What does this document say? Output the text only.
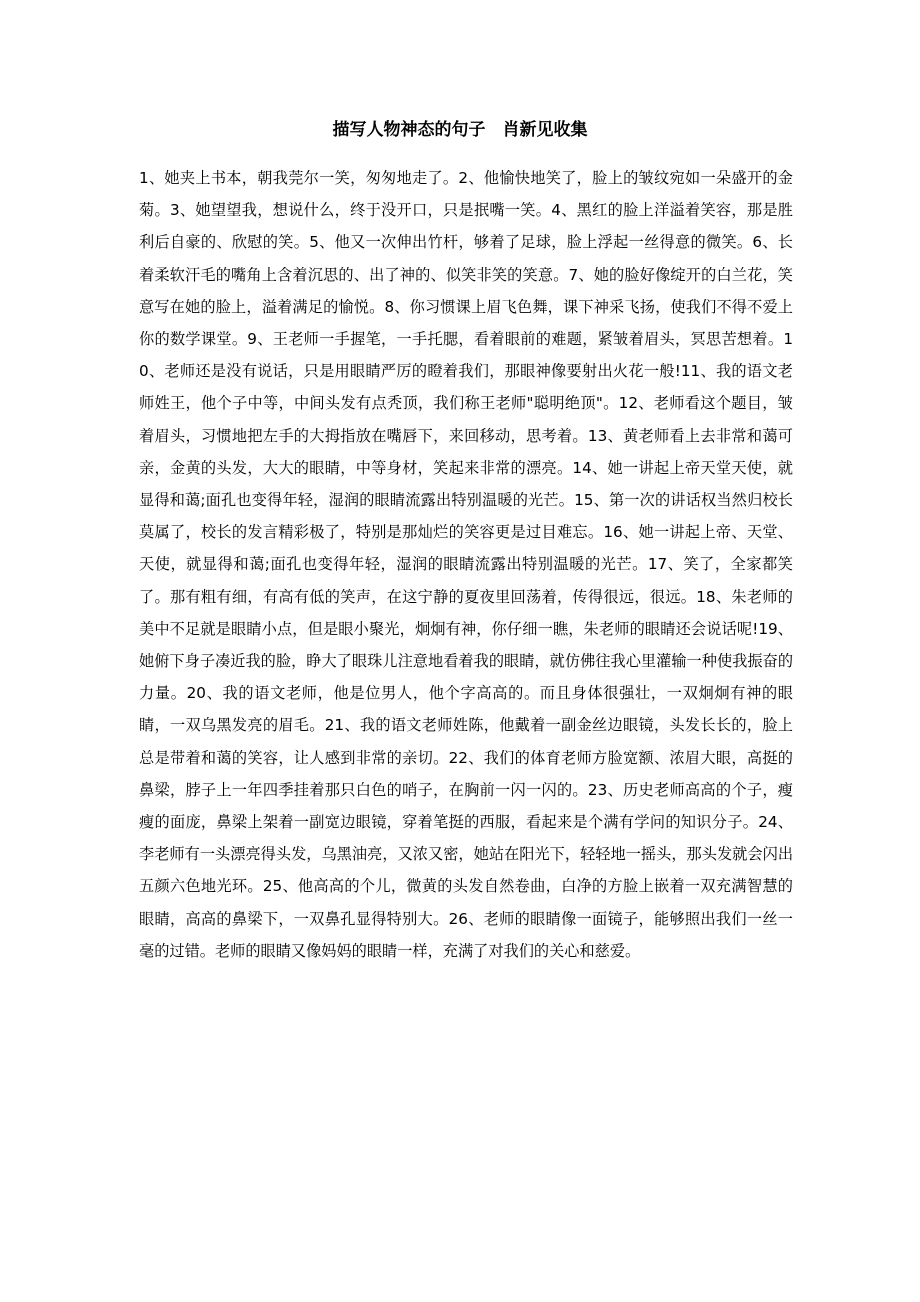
描写人物神态的句子　肖新见收集

1、她夹上书本，朝我莞尔一笑，匆匆地走了。2、他愉快地笑了，脸上的皱纹宛如一朵盛开的金菊。3、她望望我，想说什么，终于没开口，只是抿嘴一笑。4、黑红的脸上洋溢着笑容，那是胜利后自豪的、欣慰的笑。5、他又一次伸出竹杆，够着了足球，脸上浮起一丝得意的微笑。6、长着柔软汗毛的嘴角上含着沉思的、出了神的、似笑非笑的笑意。7、她的脸好像绽开的白兰花，笑意写在她的脸上，溢着满足的愉悦。8、你习惯课上眉飞色舞，课下神采飞扬，使我们不得不爱上你的数学课堂。9、王老师一手握笔，一手托腮，看着眼前的难题，紧皱着眉头，冥思苦想着。10、老师还是没有说话，只是用眼睛严厉的瞪着我们，那眼神像要射出火花一般!11、我的语文老师姓王，他个子中等，中间头发有点秃顶，我们称王老师"聪明绝顶"。12、老师看这个题目，皱着眉头，习惯地把左手的大拇指放在嘴唇下，来回移动，思考着。13、黄老师看上去非常和蔼可亲，金黄的头发，大大的眼睛，中等身材，笑起来非常的漂亮。14、她一讲起上帝天堂天使，就显得和蔼;面孔也变得年轻，湿润的眼睛流露出特别温暖的光芒。15、第一次的讲话权当然归校长莫属了，校长的发言精彩极了，特别是那灿烂的笑容更是过目难忘。16、她一讲起上帝、天堂、天使，就显得和蔼;面孔也变得年轻，湿润的眼睛流露出特别温暖的光芒。17、笑了，全家都笑了。那有粗有细，有高有低的笑声，在这宁静的夏夜里回荡着，传得很远，很远。18、朱老师的美中不足就是眼睛小点，但是眼小聚光，炯炯有神，你仔细一瞧，朱老师的眼睛还会说话呢!19、她俯下身子凑近我的脸，睁大了眼珠儿注意地看着我的眼睛，就仿佛往我心里灌输一种使我振奋的力量。20、我的语文老师，他是位男人，他个字高高的。而且身体很强壮，一双炯炯有神的眼睛，一双乌黑发亮的眉毛。21、我的语文老师姓陈，他戴着一副金丝边眼镜，头发长长的，脸上总是带着和蔼的笑容，让人感到非常的亲切。22、我们的体育老师方脸宽额、浓眉大眼，高挺的鼻梁，脖子上一年四季挂着那只白色的哨子，在胸前一闪一闪的。23、历史老师高高的个子，瘦瘦的面庞，鼻梁上架着一副宽边眼镜，穿着笔挺的西服，看起来是个满有学问的知识分子。24、李老师有一头漂亮得头发，乌黑油亮，又浓又密，她站在阳光下，轻轻地一摇头，那头发就会闪出五颜六色地光环。25、他高高的个儿，微黄的头发自然卷曲，白净的方脸上嵌着一双充满智慧的眼睛，高高的鼻梁下，一双鼻孔显得特别大。26、老师的眼睛像一面镜子，能够照出我们一丝一毫的过错。老师的眼睛又像妈妈的眼睛一样，充满了对我们的关心和慈爱。
